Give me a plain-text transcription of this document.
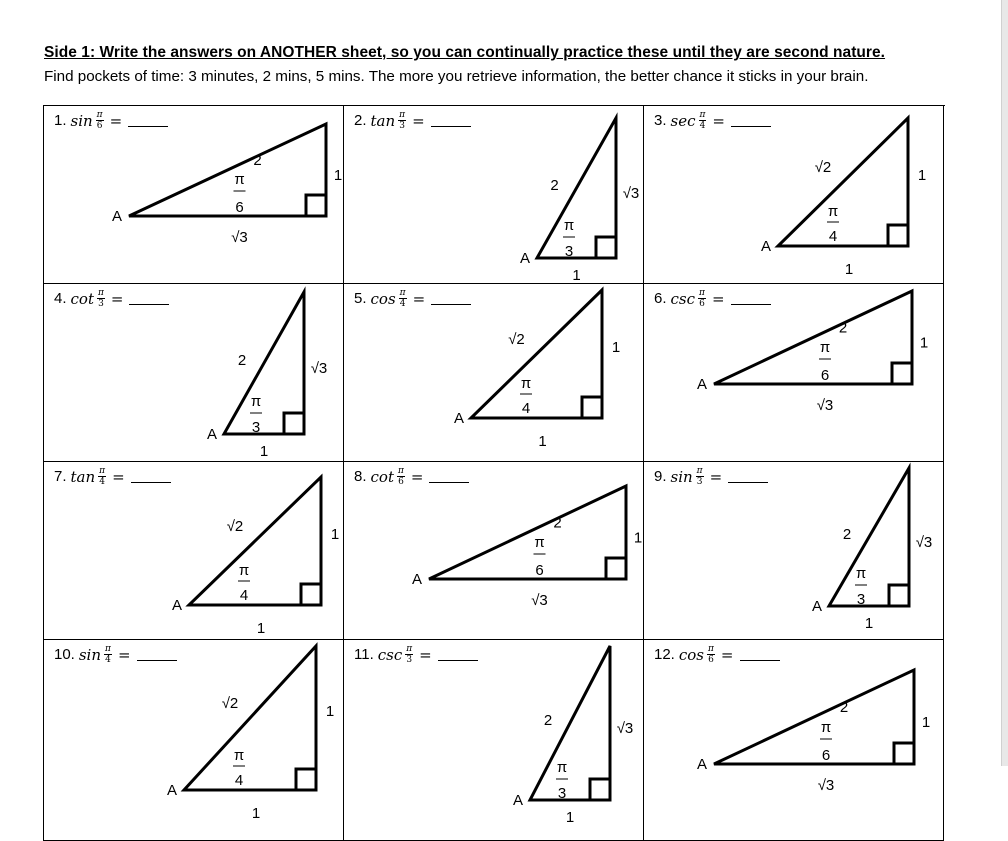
Side 1: Write the answers on ANOTHER sheet, so you can continually practice these until they are second nature.
Find pockets of time: 3 minutes, 2 mins, 5 mins. The more you retrieve information, the better chance it sticks in your brain.
1. $\sin \frac{\pi}{6}$ =
A
2
1
√3
π
6
2. $\tan \frac{\pi}{3}$ =
A
2	√3
1
π
3
3. $\sec \frac{\pi}{4}$ =
A
√2	1
1
π
4
4. $\cot \frac{\pi}{3}$ =
A
2	√3
1
π
3
5. $\cos \frac{\pi}{4}$ =
A
√2	1
1
π
4
6. $\csc \frac{\pi}{6}$ =
A
2
1
√3
π
6
7. $\tan \frac{\pi}{4}$ =
A
√2	1
1
π
4
8. $\cot \frac{\pi}{6}$ =
A
2
1
√3
π
6
9. $\sin \frac{\pi}{3}$ =
A
2	√3
1
π
3
10. $\sin \frac{\pi}{4}$ =
A
√2	1
1
π
4
11. $\csc \frac{\pi}{3}$ =
A
2	√3
1
π
3
12. $\cos \frac{\pi}{6}$ =
A
2
1
√3
π
6
